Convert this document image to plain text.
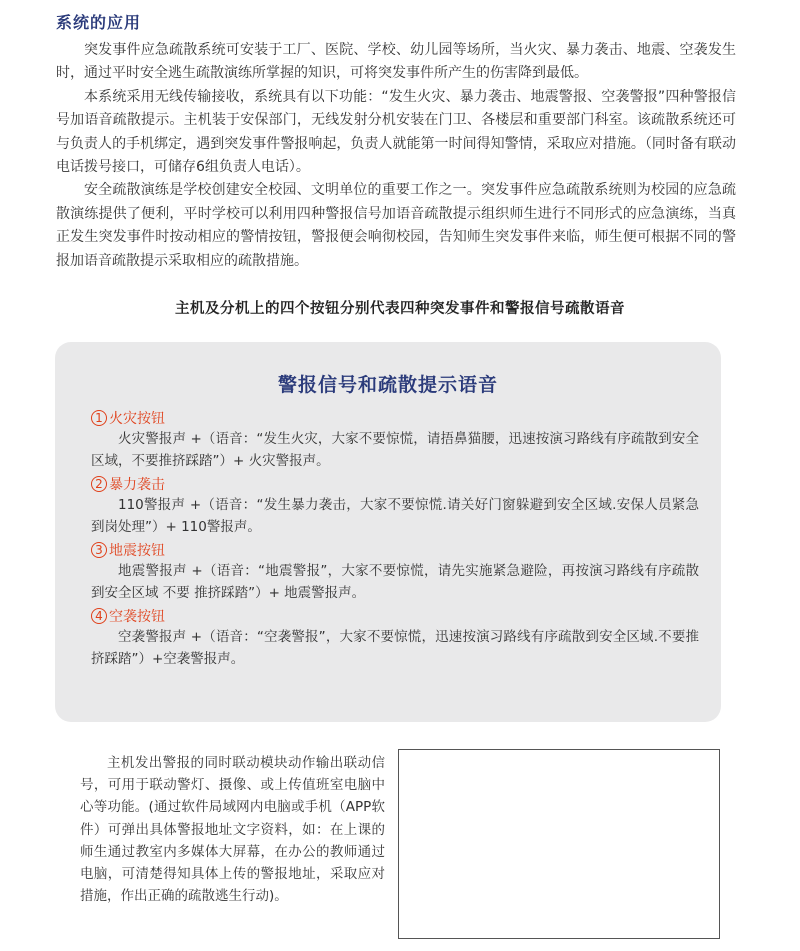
系统的应用

突发事件应急疏散系统可安装于工厂、医院、学校、幼儿园等场所，当火灾、暴力袭击、地震、空袭发生时，通过平时安全逃生疏散演练所掌握的知识，可将突发事件所产生的伤害降到最低。

本系统采用无线传输接收，系统具有以下功能：“发生火灾、暴力袭击、地震警报、空袭警报”四种警报信号加语音疏散提示。主机装于安保部门，无线发射分机安装在门卫、各楼层和重要部门科室。该疏散系统还可与负责人的手机绑定，遇到突发事件警报响起，负责人就能第一时间得知警情，采取应对措施。（同时备有联动电话拨号接口，可储存6组负责人电话）。

安全疏散演练是学校创建安全校园、文明单位的重要工作之一。突发事件应急疏散系统则为校园的应急疏散演练提供了便利，平时学校可以利用四种警报信号加语音疏散提示组织师生进行不同形式的应急演练，当真正发生突发事件时按动相应的警情按钮，警报便会响彻校园，告知师生突发事件来临，师生便可根据不同的警报加语音疏散提示采取相应的疏散措施。

主机及分机上的四个按钮分别代表四种突发事件和警报信号疏散语音
警报信号和疏散提示语音
1 火灾按钮

火灾警报声 +（语音：“发生火灾，大家不要惊慌，请捂鼻猫腰，迅速按演习路线有序疏散到安全区域，不要推挤踩踏”）+ 火灾警报声。

2 暴力袭击

110警报声 +（语音：“发生暴力袭击，大家不要惊慌.请关好门窗躲避到安全区域.安保人员紧急到岗处理”）+ 110警报声。

3 地震按钮

地震警报声 +（语音：“地震警报”，大家不要惊慌，请先实施紧急避险，再按演习路线有序疏散到安全区域 不要 推挤踩踏”）+ 地震警报声。

4 空袭按钮

空袭警报声 +（语音：“空袭警报”，大家不要惊慌，迅速按演习路线有序疏散到安全区域.不要推挤踩踏”）+空袭警报声。

主机发出警报的同时联动模块动作输出联动信号，可用于联动警灯、摄像、或上传值班室电脑中心等功能。(通过软件局域网内电脑或手机（APP软件）可弹出具体警报地址文字资料，如：在上课的师生通过教室内多媒体大屏幕，在办公的教师通过电脑，可清楚得知具体上传的警报地址，采取应对措施，作出正确的疏散逃生行动)。
